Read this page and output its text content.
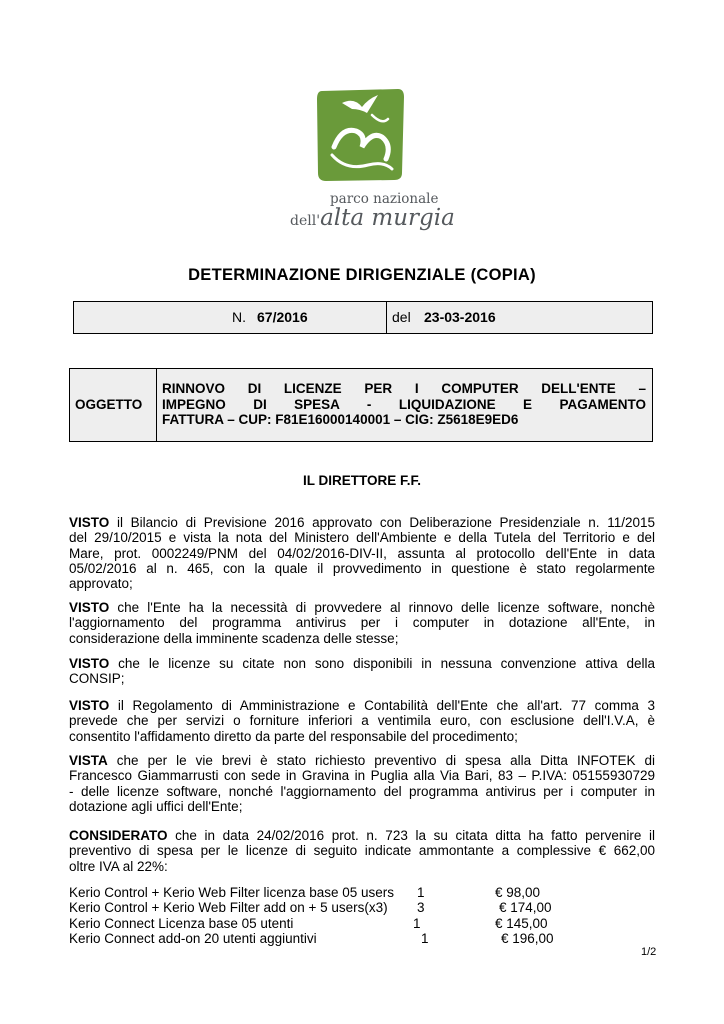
parco nazionale
dell'alta murgia
DETERMINAZIONE DIRIGENZIALE (COPIA)
N. 67/2016	del 23-03-2016
OGGETTO
RINNOVO DI LICENZE PER I COMPUTER DELL'ENTE –
IMPEGNO DI SPESA - LIQUIDAZIONE E PAGAMENTO
FATTURA – CUP: F81E16000140001 – CIG: Z5618E9ED6
IL DIRETTORE F.F.
VISTO il Bilancio di Previsione 2016 approvato con Deliberazione Presidenziale n. 11/2015
del 29/10/2015 e vista la nota del Ministero dell'Ambiente e della Tutela del Territorio e del
Mare, prot. 0002249/PNM del 04/02/2016-DIV-II, assunta al protocollo dell'Ente in data
05/02/2016 al n. 465, con la quale il provvedimento in questione è stato regolarmente
approvato;
VISTO che l'Ente ha la necessità di provvedere al rinnovo delle licenze software, nonchè
l'aggiornamento del programma antivirus per i computer in dotazione all'Ente, in
considerazione della imminente scadenza delle stesse;
VISTO che le licenze su citate non sono disponibili in nessuna convenzione attiva della
CONSIP;
VISTO il Regolamento di Amministrazione e Contabilità dell'Ente che all'art. 77 comma 3
prevede che per servizi o forniture inferiori a ventimila euro, con esclusione dell'I.V.A, è
consentito l'affidamento diretto da parte del responsabile del procedimento;
VISTA che per le vie brevi è stato richiesto preventivo di spesa alla Ditta INFOTEK di
Francesco Giammarrusti con sede in Gravina in Puglia alla Via Bari, 83 – P.IVA: 05155930729
- delle licenze software, nonché l'aggiornamento del programma antivirus per i computer in
dotazione agli uffici dell'Ente;
CONSIDERATO che in data 24/02/2016 prot. n. 723 la su citata ditta ha fatto pervenire il
preventivo di spesa per le licenze di seguito indicate ammontante a complessive € 662,00
oltre IVA al 22%:
Kerio Control + Kerio Web Filter licenza base 05 users 1	€ 98,00
Kerio Control + Kerio Web Filter add on + 5 users(x3) 3	€ 174,00
Kerio Connect Licenza base 05 utenti	1	€ 145,00
Kerio Connect add-on 20 utenti aggiuntivi	1	€ 196,00
1/2
